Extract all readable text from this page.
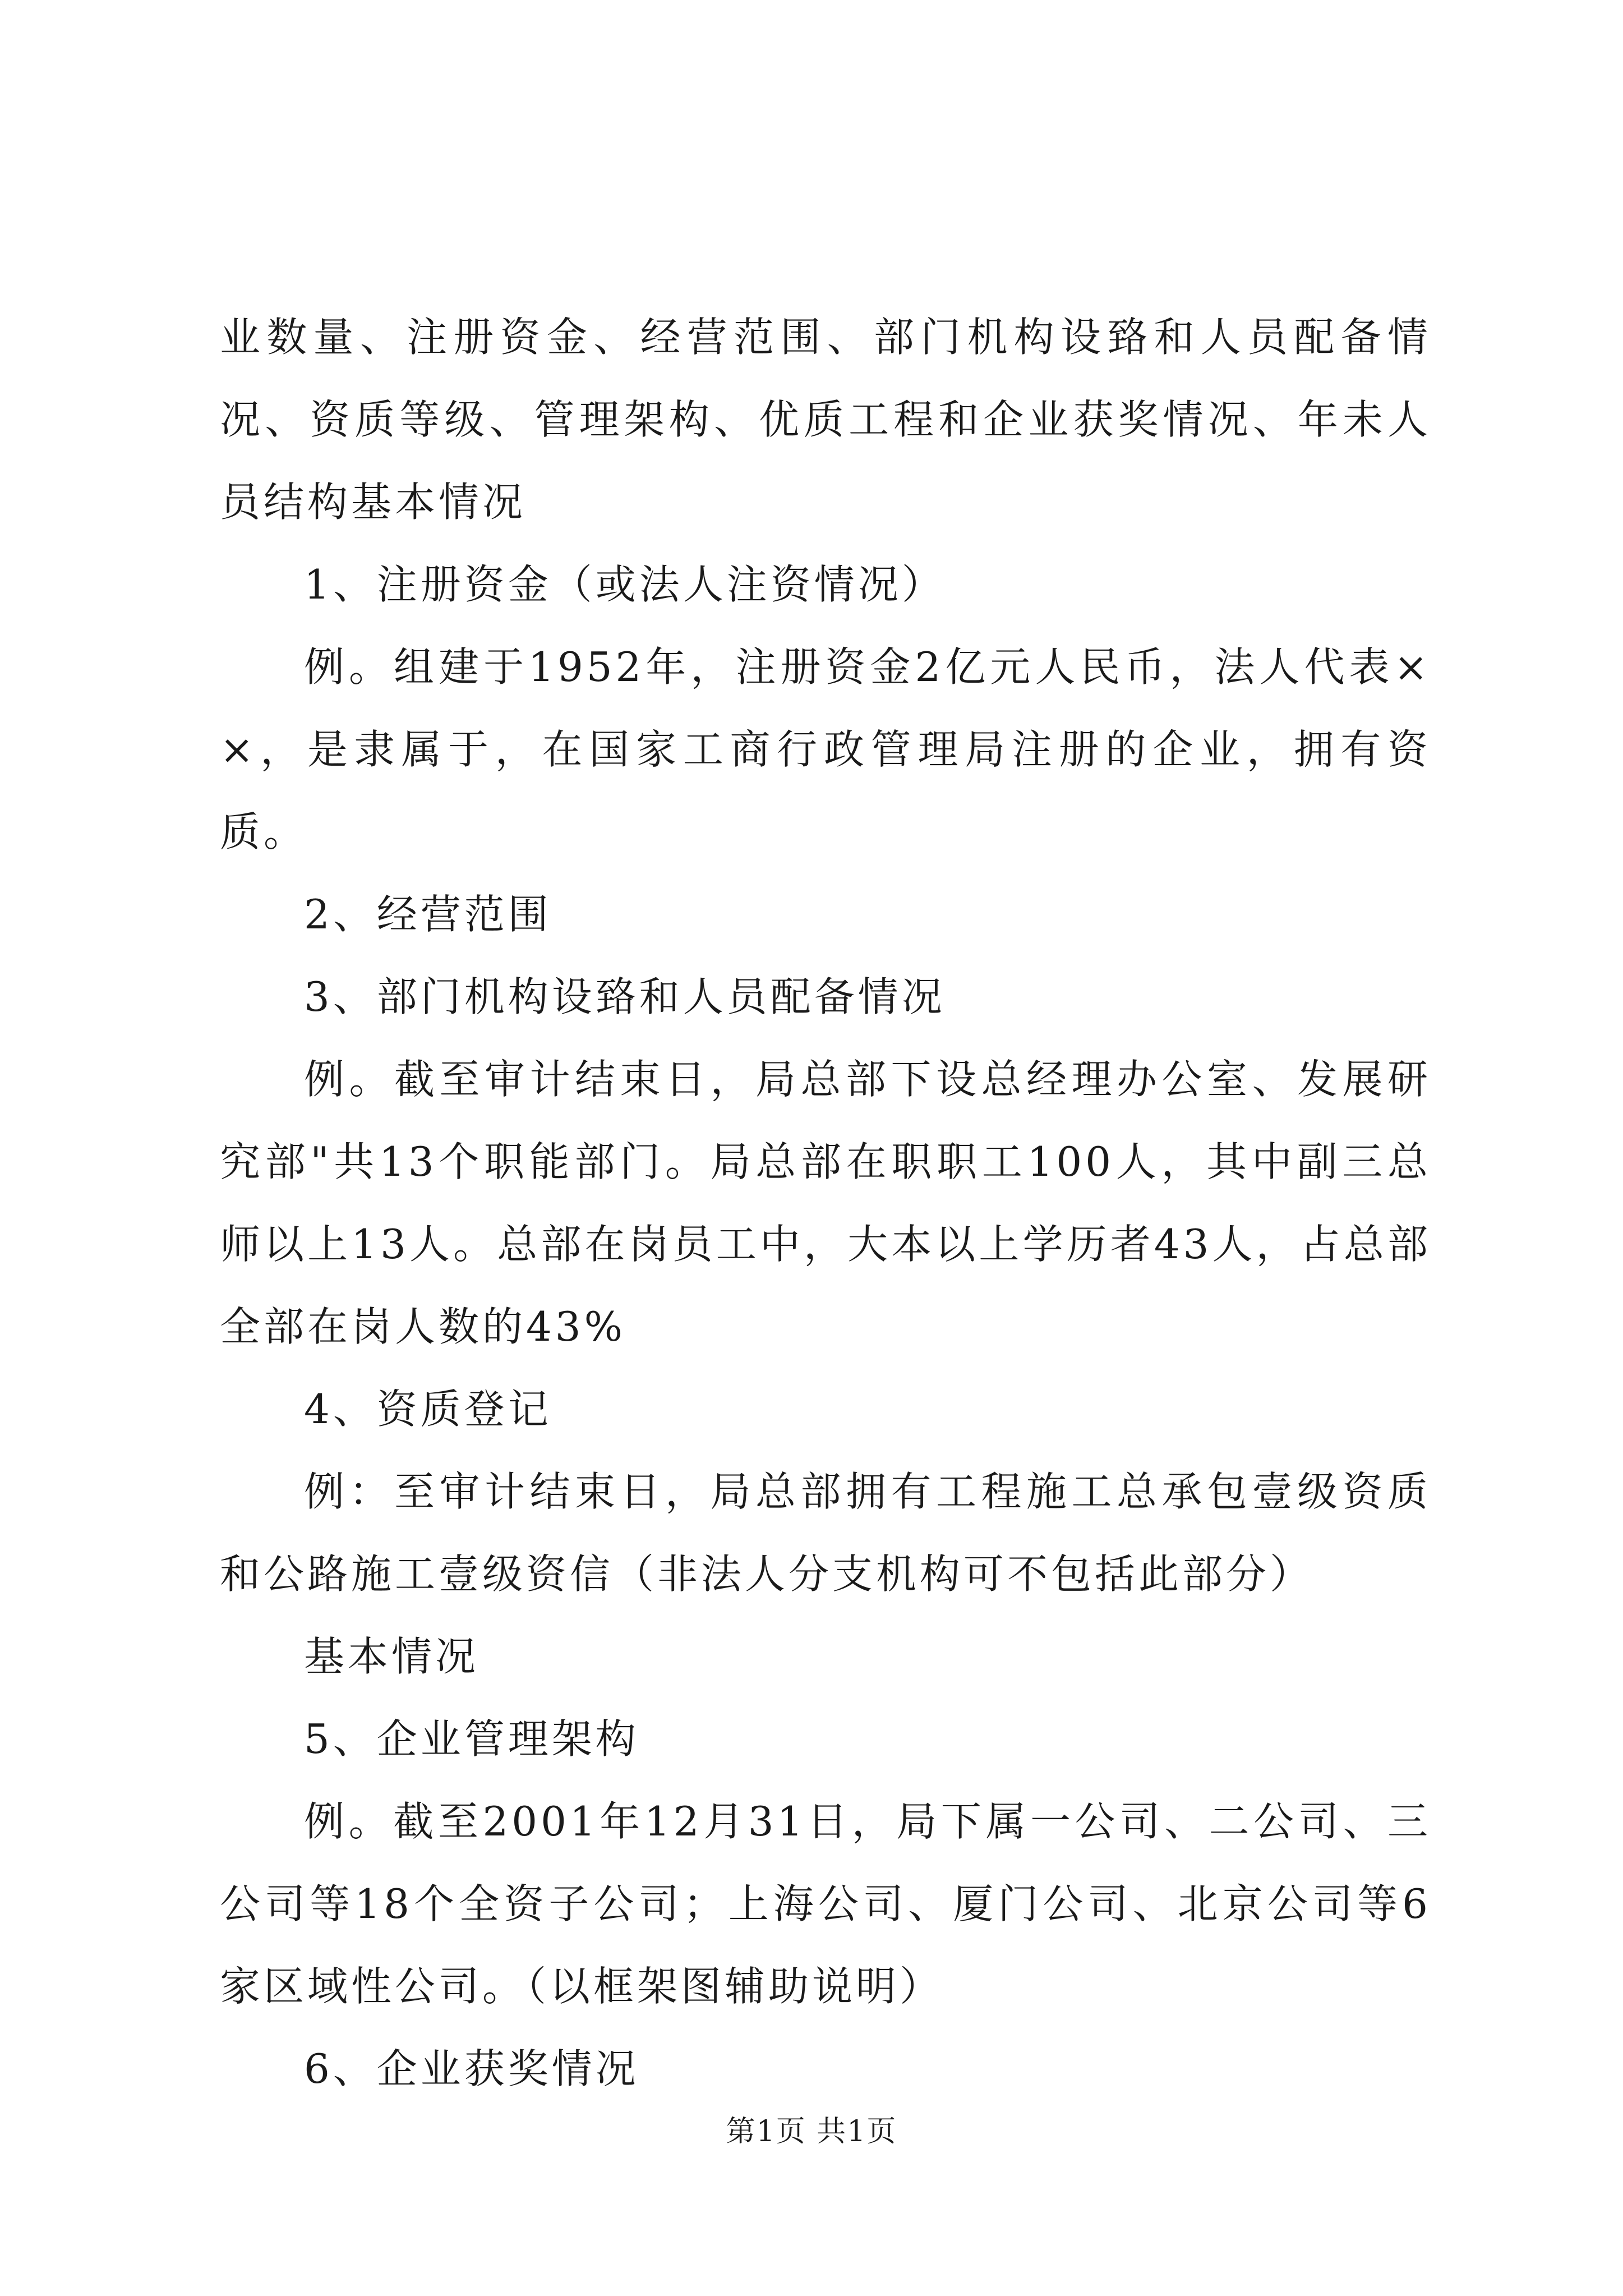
业数量、注册资金、经营范围、部门机构设臵和人员配备情况、资质等级、管理架构、优质工程和企业获奖情况、年未人员结构基本情况

1、注册资金（或法人注资情况）

例。组建于1952年，注册资金2亿元人民币，法人代表××，是隶属于，在国家工商行政管理局注册的企业，拥有资质。

2、经营范围

3、部门机构设臵和人员配备情况

例。截至审计结束日，局总部下设总经理办公室、发展研究部"共13个职能部门。局总部在职职工100人，其中副三总师以上13人。总部在岗员工中，大本以上学历者43人，占总部全部在岗人数的43%

4、资质登记

例：至审计结束日，局总部拥有工程施工总承包壹级资质和公路施工壹级资信（非法人分支机构可不包括此部分）

基本情况

5、企业管理架构

例。截至2001年12月31日，局下属一公司、二公司、三公司等18个全资子公司；上海公司、厦门公司、北京公司等6家区域性公司。（以框架图辅助说明）

6、企业获奖情况

第1页 共1页
